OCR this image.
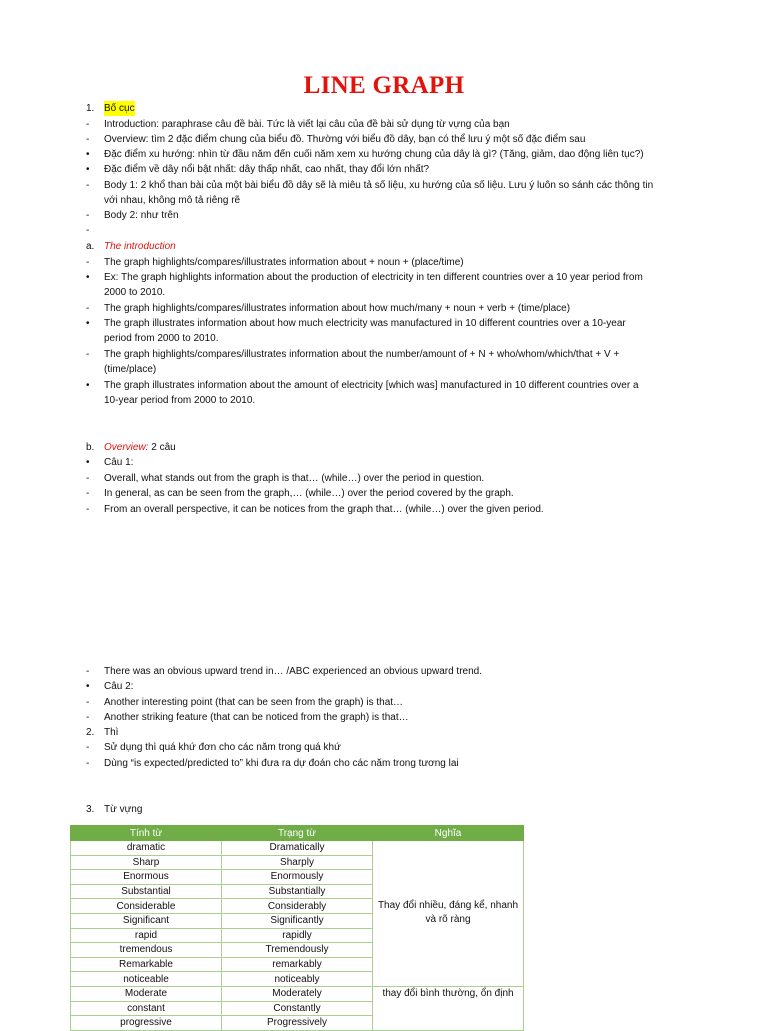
LINE GRAPH
1. Bố cục
- Introduction: paraphrase câu đề bài. Tức là viết lại câu của đề bài sử dụng từ vựng của bạn
- Overview: tìm 2 đặc điểm chung của biểu đồ. Thường với biểu đồ dây, bạn có thể lưu ý một số đặc điểm sau
• Đặc điểm xu hướng: nhìn từ đầu năm đến cuối năm xem xu hướng chung của dây là gì? (Tăng, giảm, dao động liên tục?)
• Đặc điểm về dây nổi bật nhất: dây thấp nhất, cao nhất, thay đổi lớn nhất?
- Body 1: 2 khổ than bài của một bài biểu đồ dây sẽ là miêu tả số liệu, xu hướng của số liệu. Lưu ý luôn so sánh các thông tin
với nhau, không mô tả riêng rẽ
- Body 2: như trên
-
a. The introduction
- The graph highlights/compares/illustrates information about + noun + (place/time)
• Ex: The graph highlights information about the production of electricity in ten different countries over a 10 year period from
2000 to 2010.
- The graph highlights/compares/illustrates information about how much/many + noun + verb + (time/place)
• The graph illustrates information about how much electricity was manufactured in 10 different countries over a 10-year
period from 2000 to 2010.
- The graph highlights/compares/illustrates information about the number/amount of + N + who/whom/which/that + V +
(time/place)
• The graph illustrates information about the amount of electricity [which was] manufactured in 10 different countries over a
10-year period from 2000 to 2010.
b. Overview: 2 câu
• Câu 1:
- Overall, what stands out from the graph is that… (while…) over the period in question.
- In general, as can be seen from the graph,… (while…) over the period covered by the graph.
- From an overall perspective, it can be notices from the graph that… (while…) over the given period.
- There was an obvious upward trend in… /ABC experienced an obvious upward trend.
• Câu 2:
- Another interesting point (that can be seen from the graph) is that…
- Another striking feature (that can be noticed from the graph) is that…
2. Thì
- Sử dụng thì quá khứ đơn cho các năm trong quá khứ
- Dùng “is expected/predicted to” khi đưa ra dự đoán cho các năm trong tương lai
3. Từ vựng
Tính từ	Trạng từ	Nghĩa
dramatic	Dramatically	Thay đổi nhiều, đáng kể, nhanh và rõ ràng
Sharp	Sharply	
Enormous	Enormously	
Substantial	Substantially	
Considerable	Considerably	
Significant	Significantly	
rapid	rapidly	
tremendous	Tremendously	
Remarkable	remarkably	
noticeable	noticeably	
Moderate	Moderately	thay đổi bình thường, ổn định
constant	Constantly	
progressive	Progressively	
